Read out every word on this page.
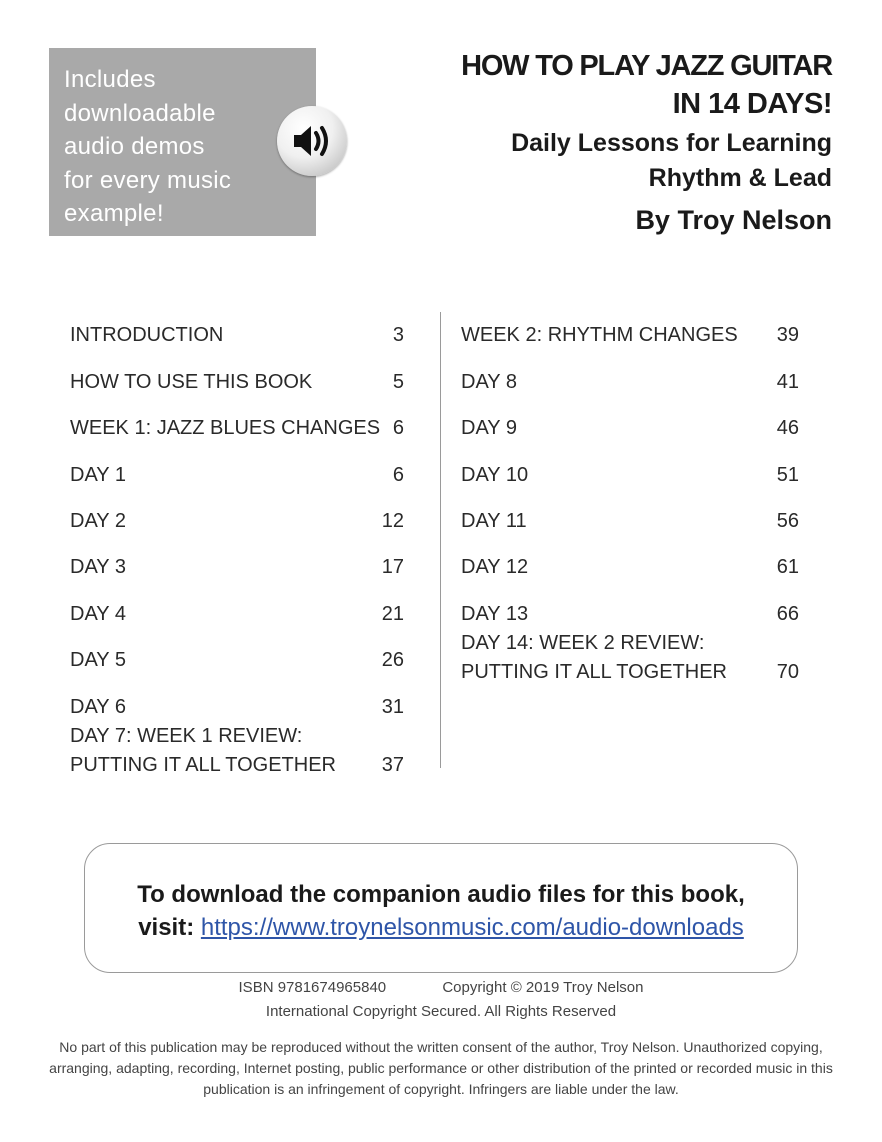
Includes
downloadable
audio demos
for every music
example!
HOW TO PLAY JAZZ GUITAR
IN 14 DAYS!
Daily Lessons for Learning
Rhythm & Lead
By Troy Nelson
INTRODUCTION	3
HOW TO USE THIS BOOK	5
WEEK 1: JAZZ BLUES CHANGES 6
DAY 1	6
DAY 2	12
DAY 3	17
DAY 4	21
DAY 5	26
DAY 6	31
DAY 7: WEEK 1 REVIEW:
PUTTING IT ALL TOGETHER 37
WEEK 2: RHYTHM CHANGES 39
DAY 8	41
DAY 9	46
DAY 10	51
DAY 11	56
DAY 12	61
DAY 13	66
DAY 14: WEEK 2 REVIEW:
PUTTING IT ALL TOGETHER 70
To download the companion audio files for this book,
visit: https://www.troynelsonmusic.com/audio-downloads
ISBN 9781674965840	Copyright © 2019 Troy Nelson
International Copyright Secured. All Rights Reserved
No part of this publication may be reproduced without the written consent of the author, Troy Nelson. Unauthorized copying, arranging, adapting, recording, Internet posting, public performance or other distribution of the printed or recorded music in this publication is an infringement of copyright. Infringers are liable under the law.
